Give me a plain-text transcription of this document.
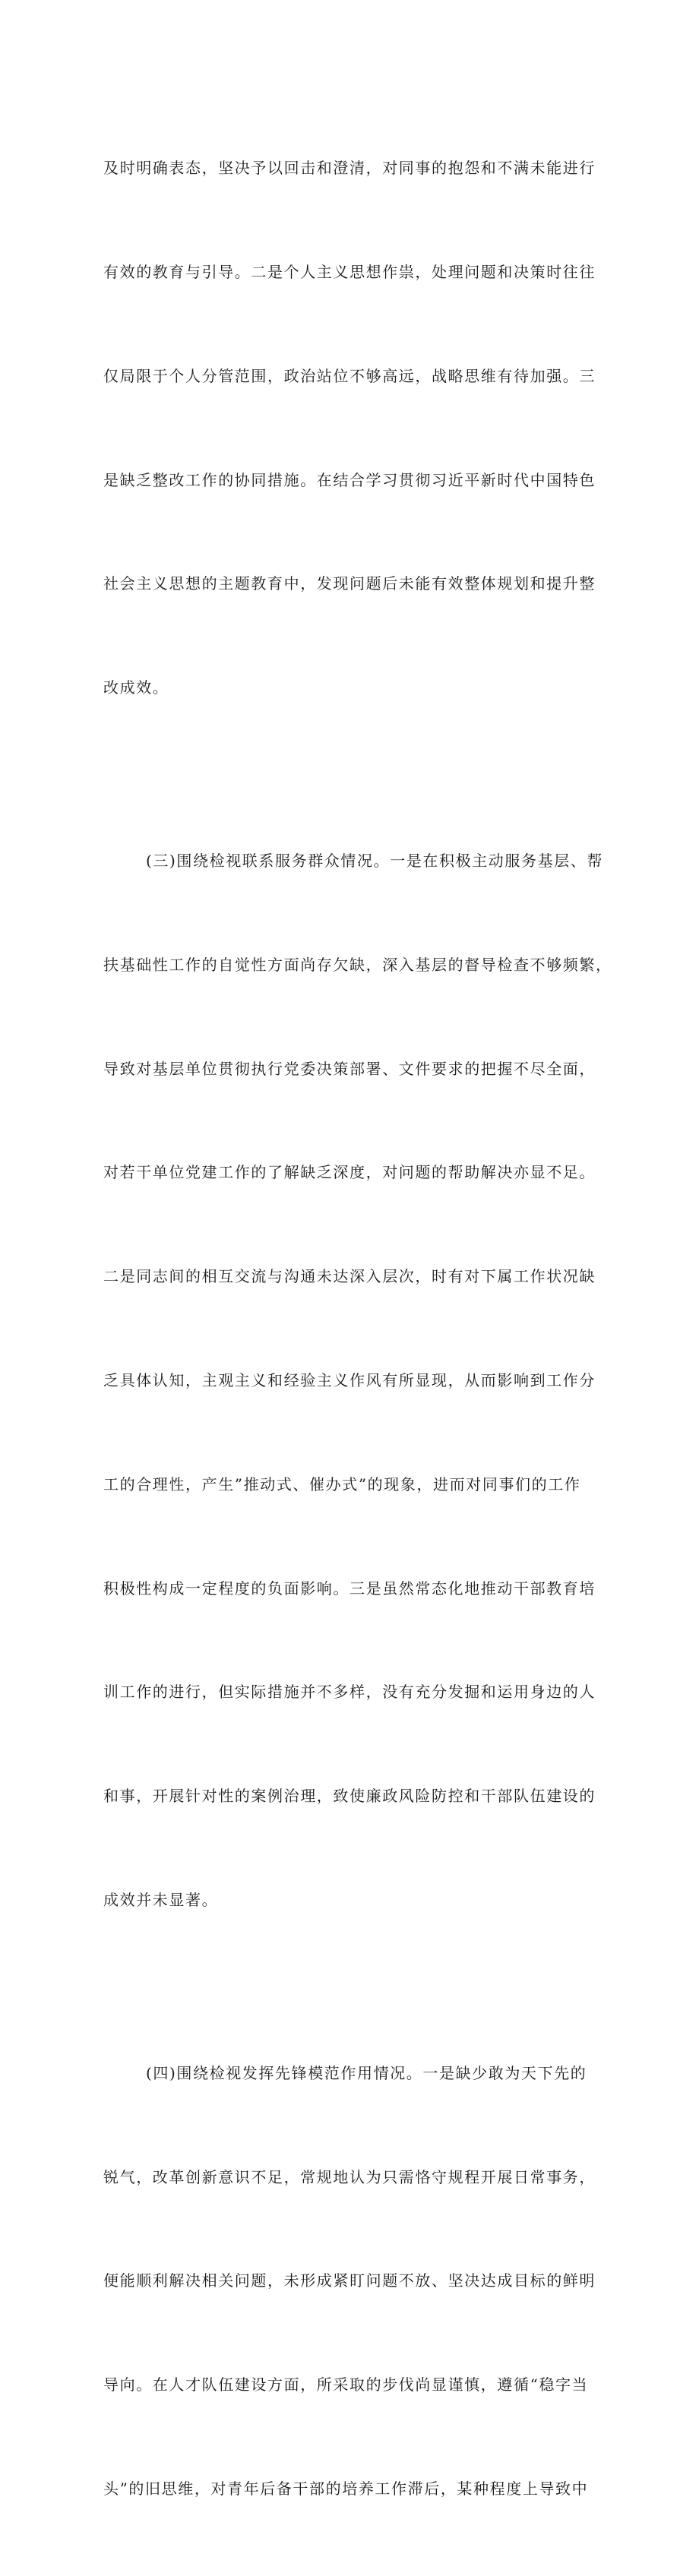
及时明确表态，坚决予以回击和澄清，对同事的抱怨和不满未能进行

有效的教育与引导。二是个人主义思想作祟，处理问题和决策时往往

仅局限于个人分管范围，政治站位不够高远，战略思维有待加强。三

是缺乏整改工作的协同措施。在结合学习贯彻习近平新时代中国特色

社会主义思想的主题教育中，发现问题后未能有效整体规划和提升整

改成效。

(三)围绕检视联系服务群众情况。一是在积极主动服务基层、帮

扶基础性工作的自觉性方面尚存欠缺，深入基层的督导检查不够频繁，

导致对基层单位贯彻执行党委决策部署、文件要求的把握不尽全面，

对若干单位党建工作的了解缺乏深度，对问题的帮助解决亦显不足。

二是同志间的相互交流与沟通未达深入层次，时有对下属工作状况缺

乏具体认知，主观主义和经验主义作风有所显现，从而影响到工作分

工的合理性，产生”推动式、催办式”的现象，进而对同事们的工作

积极性构成一定程度的负面影响。三是虽然常态化地推动干部教育培

训工作的进行，但实际措施并不多样，没有充分发掘和运用身边的人

和事，开展针对性的案例治理，致使廉政风险防控和干部队伍建设的

成效并未显著。

(四)围绕检视发挥先锋模范作用情况。一是缺少敢为天下先的

锐气，改革创新意识不足，常规地认为只需恪守规程开展日常事务，

便能顺利解决相关问题，未形成紧盯问题不放、坚决达成目标的鲜明

导向。在人才队伍建设方面，所采取的步伐尚显谨慎，遵循“稳字当

头”的旧思维，对青年后备干部的培养工作滞后，某种程度上导致中
